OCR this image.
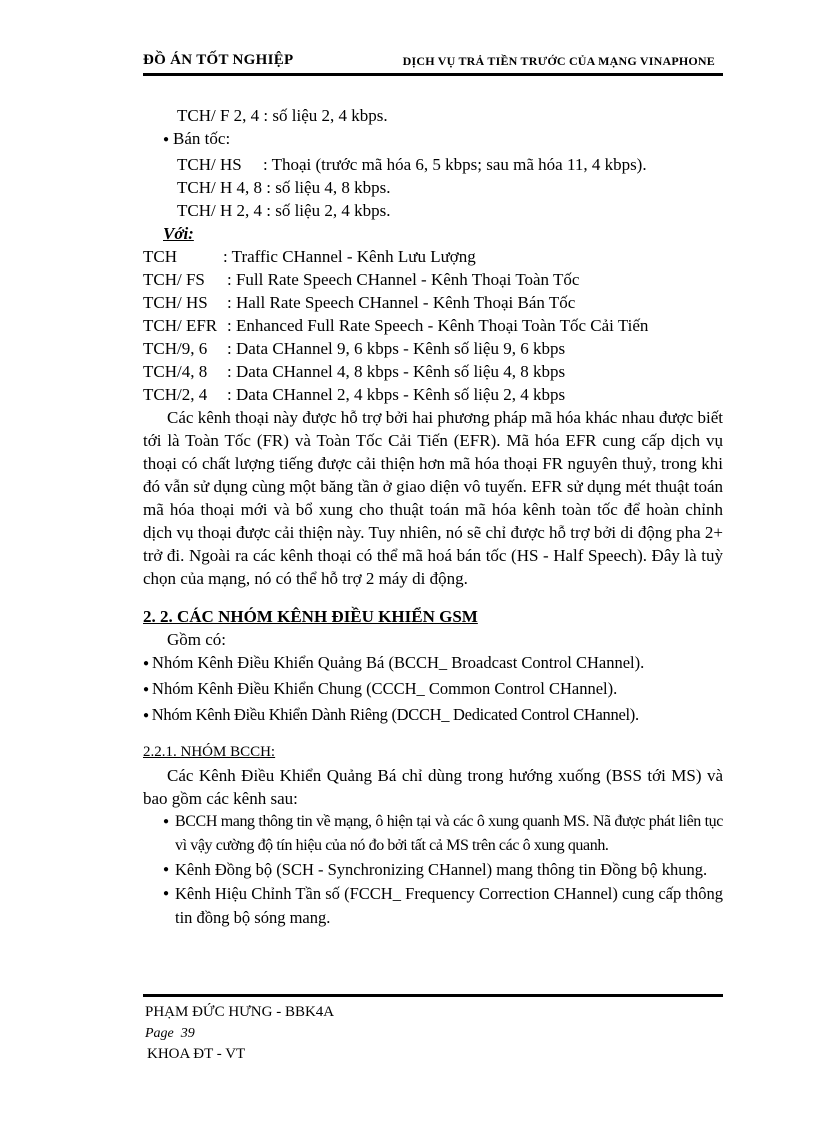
ĐỒ ÁN TỐT NGHIỆP	DỊCH VỤ TRẢ TIỀN TRƯỚC CỦA MẠNG VINAPHONE
TCH/ F 2, 4 : số liệu 2, 4 kbps.
● Bán tốc:
TCH/ HS     : Thoại (trước mã hóa 6, 5 kbps; sau mã hóa 11, 4 kbps).
TCH/ H 4, 8 : số liệu 4, 8 kbps.
TCH/ H 2, 4 : số liệu 2, 4 kbps.
Với:
TCH	: Traffic CHannel - Kênh Lưu Lượng
TCH/ FS : Full Rate Speech CHannel - Kênh Thoại Toàn Tốc
TCH/ HS : Hall Rate Speech CHannel - Kênh Thoại Bán Tốc
TCH/ EFR : Enhanced Full Rate Speech - Kênh Thoại Toàn Tốc Cải Tiến
TCH/9, 6 : Data CHannel 9, 6 kbps - Kênh số liệu 9, 6 kbps
TCH/4, 8 : Data CHannel 4, 8 kbps - Kênh số liệu 4, 8 kbps
TCH/2, 4 : Data CHannel 2, 4 kbps - Kênh số liệu 2, 4 kbps

Các kênh thoại này được hỗ trợ bởi hai phương pháp mã hóa khác nhau được biết tới là Toàn Tốc (FR) và Toàn Tốc Cải Tiến (EFR). Mã hóa EFR cung cấp dịch vụ thoại có chất lượng tiếng được cải thiện hơn mã hóa thoại FR nguyên thuỷ, trong khi đó vẫn sử dụng cùng một băng tần ở giao diện vô tuyến. EFR sử dụng mét thuật toán mã hóa thoại mới và bổ xung cho thuật toán mã hóa kênh toàn tốc để hoàn chỉnh dịch vụ thoại được cải thiện này. Tuy nhiên, nó sẽ chỉ được hỗ trợ bởi di động pha 2+ trở đi. Ngoài ra các kênh thoại có thể mã hoá bán tốc (HS - Half Speech). Đây là tuỳ chọn của mạng, nó có thể hỗ trợ 2 máy di động.

2. 2. CÁC NHÓM KÊNH ĐIỀU KHIỂN GSM
Gồm có:
● Nhóm Kênh Điều Khiển Quảng Bá (BCCH_ Broadcast Control CHannel).
● Nhóm Kênh Điều Khiển Chung (CCCH_ Common Control CHannel).
● Nhóm Kênh Điều Khiển Dành Riêng (DCCH_ Dedicated Control CHannel).
2.2.1. NHÓM BCCH:

Các Kênh Điều Khiển Quảng Bá chỉ dùng trong hướng xuống (BSS tới MS) và bao gồm các kênh sau:

● BCCH mang thông tin về mạng, ô hiện tại và các ô xung quanh MS. Nã được phát liên tục vì vậy cường độ tín hiệu của nó đo bởi tất cả MS trên các ô xung quanh.
● Kênh Đồng bộ (SCH - Synchronizing CHannel) mang thông tin Đồng bộ khung.
● Kênh Hiệu Chỉnh Tần số (FCCH_ Frequency Correction CHannel) cung cấp thông tin đồng bộ sóng mang.
PHẠM ĐỨC HƯNG - BBK4A
Page  39
KHOA ĐT - VT
